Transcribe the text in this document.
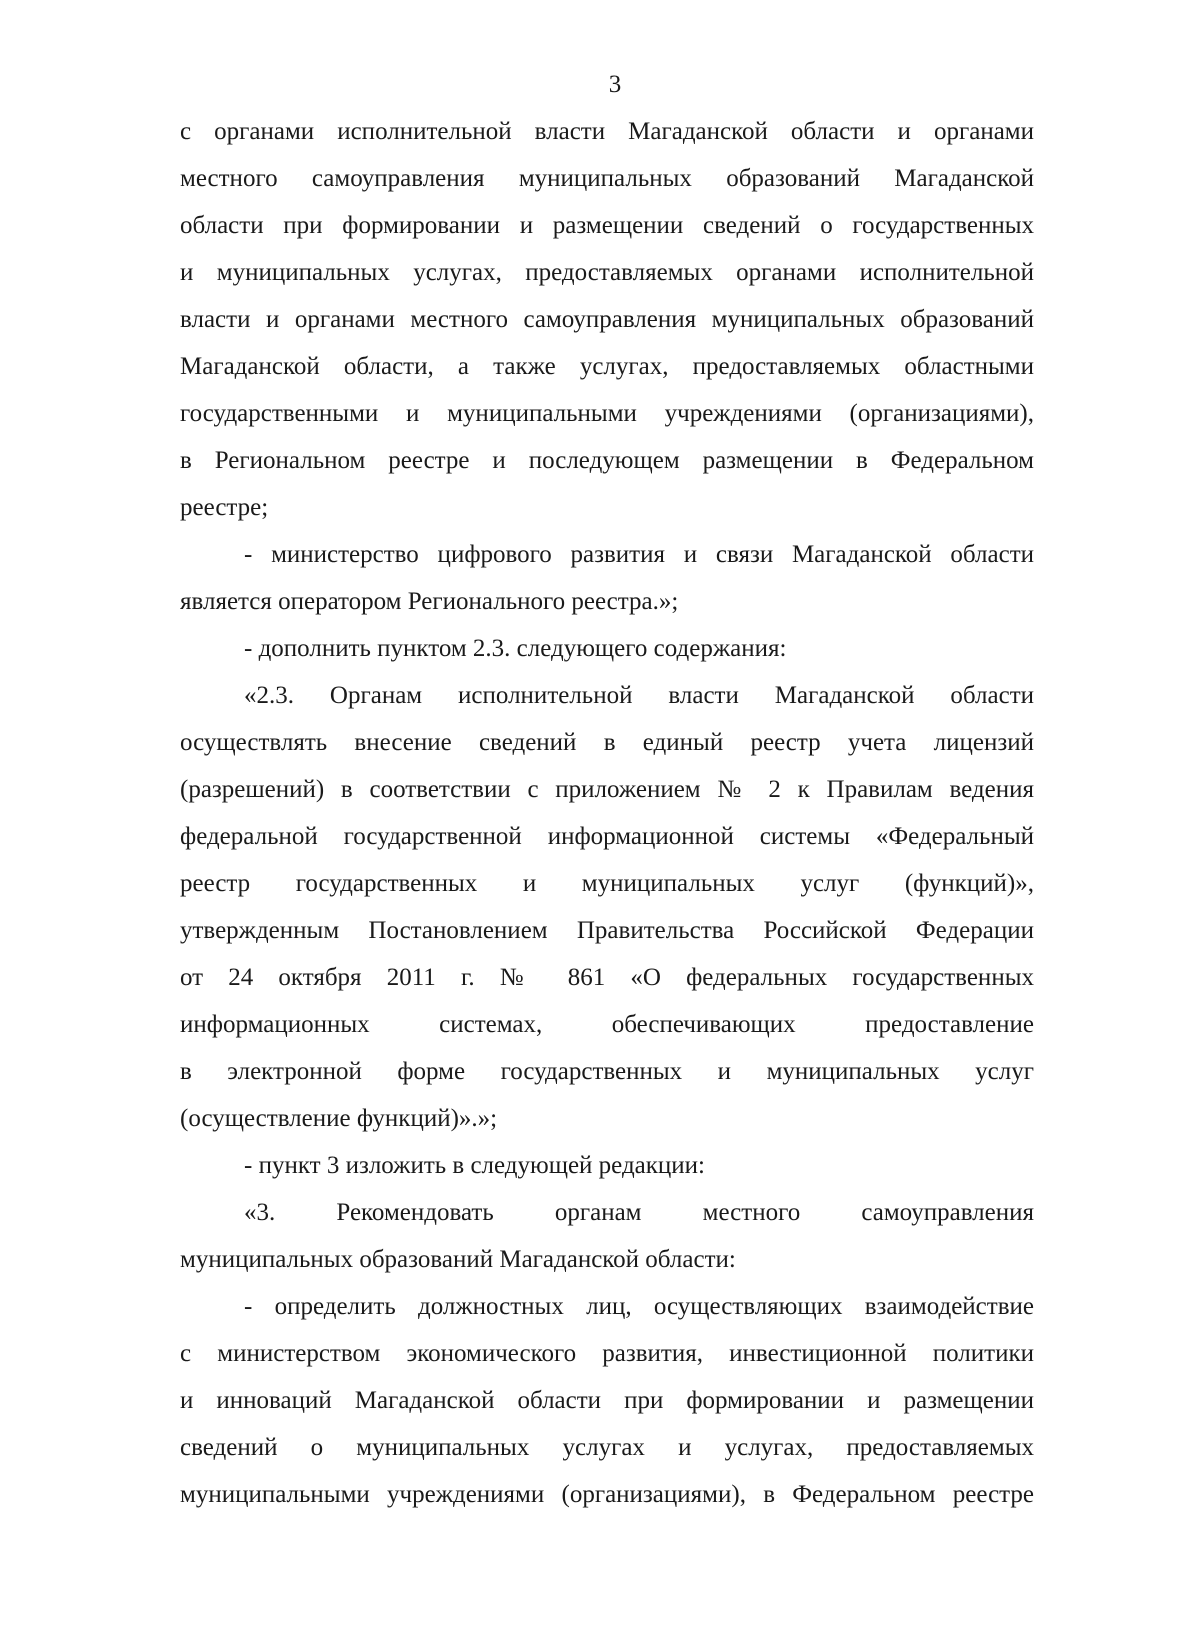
3
с органами исполнительной власти Магаданской области и органами
местного самоуправления муниципальных образований Магаданской
области при формировании и размещении сведений о государственных
и муниципальных услугах, предоставляемых органами исполнительной
власти и органами местного самоуправления муниципальных образований
Магаданской области, а также услугах, предоставляемых областными
государственными и муниципальными учреждениями (организациями),
в Региональном реестре и последующем размещении в Федеральном
реестре;
- министерство цифрового развития и связи Магаданской области
является оператором Регионального реестра.»;
- дополнить пунктом 2.3. следующего содержания:
«2.3. Органам исполнительной власти Магаданской области
осуществлять внесение сведений в единый реестр учета лицензий
(разрешений) в соответствии с приложением № 2 к Правилам ведения
федеральной государственной информационной системы «Федеральный
реестр государственных и муниципальных услуг (функций)»,
утвержденным Постановлением Правительства Российской Федерации
от 24 октября 2011 г. № 861 «О федеральных государственных
информационных системах, обеспечивающих предоставление
в электронной форме государственных и муниципальных услуг
(осуществление функций)».»;
- пункт 3 изложить в следующей редакции:
«3. Рекомендовать органам местного самоуправления
муниципальных образований Магаданской области:
- определить должностных лиц, осуществляющих взаимодействие
с министерством экономического развития, инвестиционной политики
и инноваций Магаданской области при формировании и размещении
сведений о муниципальных услугах и услугах, предоставляемых
муниципальными учреждениями (организациями), в Федеральном реестре
